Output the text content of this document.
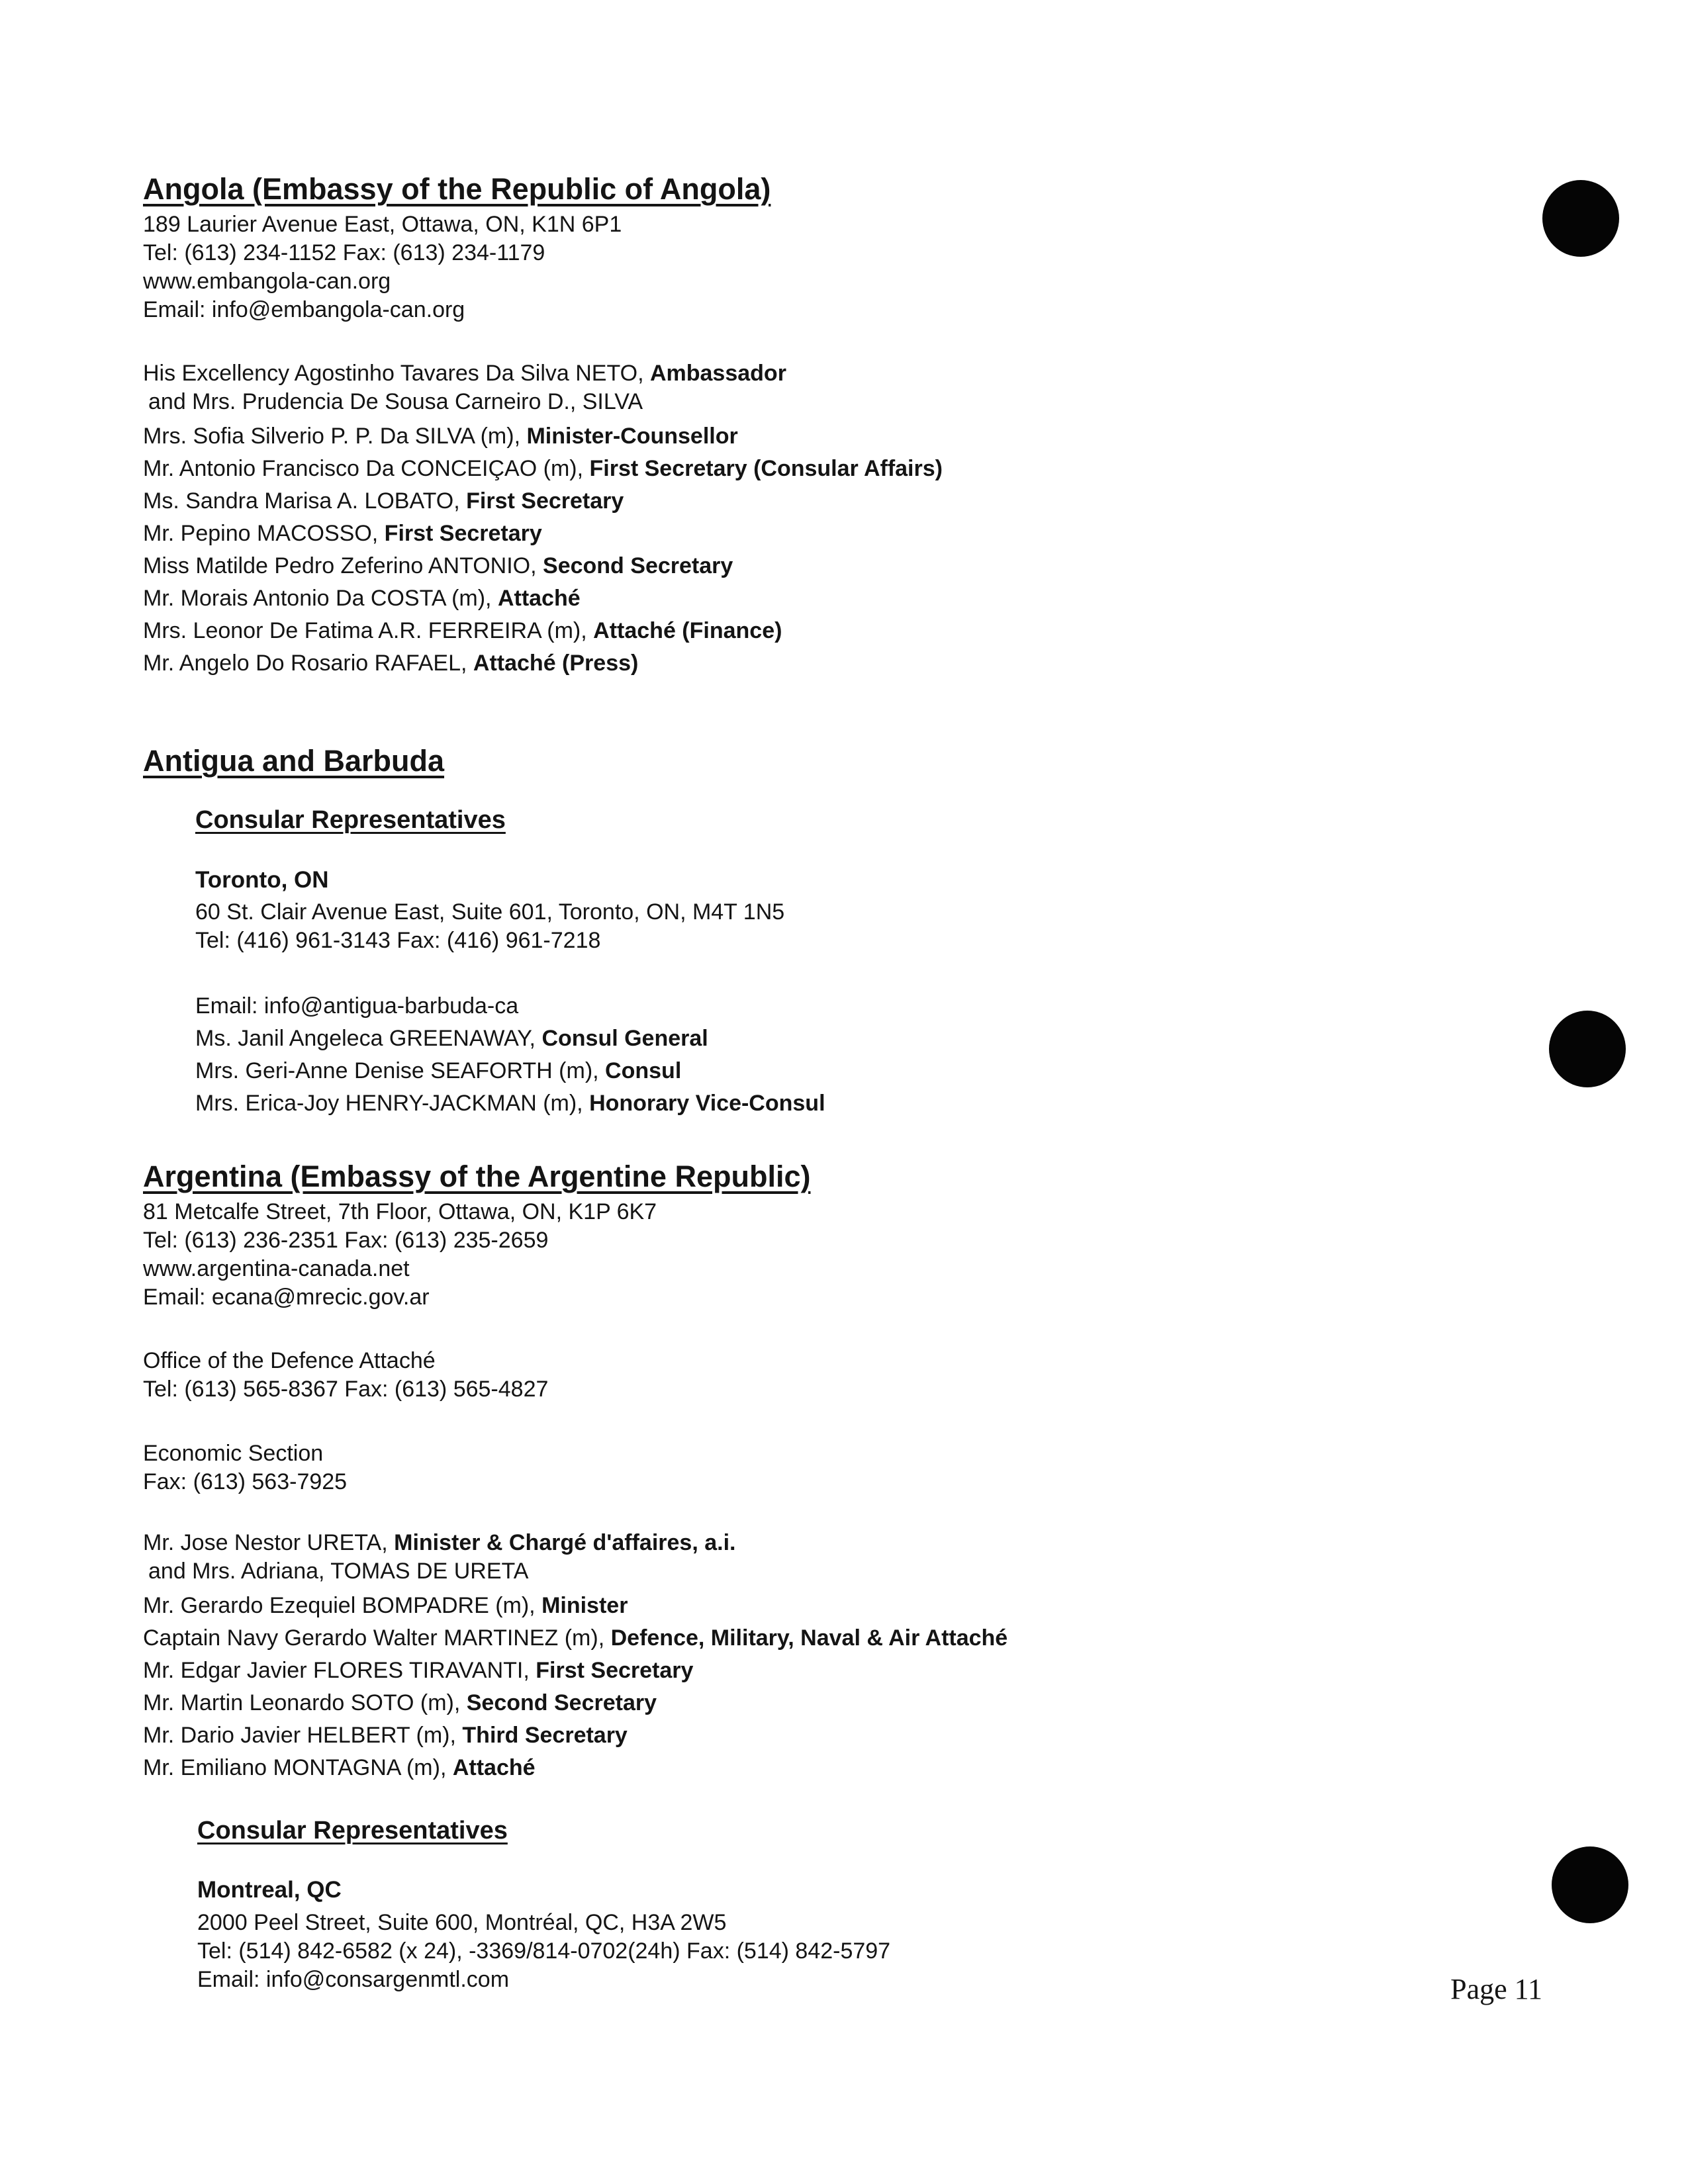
Angola (Embassy of the Republic of Angola)
189 Laurier Avenue East, Ottawa, ON, K1N 6P1
Tel: (613) 234-1152 Fax: (613) 234-1179
www.embangola-can.org
Email: info@embangola-can.org
His Excellency Agostinho Tavares Da Silva NETO, Ambassador
and Mrs. Prudencia De Sousa Carneiro D., SILVA
Mrs. Sofia Silverio P. P. Da SILVA (m), Minister-Counsellor
Mr. Antonio Francisco Da CONCEIÇAO (m), First Secretary (Consular Affairs)
Ms. Sandra Marisa A. LOBATO, First Secretary
Mr. Pepino MACOSSO, First Secretary
Miss Matilde Pedro Zeferino ANTONIO, Second Secretary
Mr. Morais Antonio Da COSTA (m), Attaché
Mrs. Leonor De Fatima A.R. FERREIRA (m), Attaché (Finance)
Mr. Angelo Do Rosario RAFAEL, Attaché (Press)
Antigua and Barbuda
Consular Representatives
Toronto, ON
60 St. Clair Avenue East, Suite 601, Toronto, ON, M4T 1N5
Tel: (416) 961-3143 Fax: (416) 961-7218
Email: info@antigua-barbuda-ca
Ms. Janil Angeleca GREENAWAY, Consul General
Mrs. Geri-Anne Denise SEAFORTH (m), Consul
Mrs. Erica-Joy HENRY-JACKMAN (m), Honorary Vice-Consul
Argentina (Embassy of the Argentine Republic)
81 Metcalfe Street, 7th Floor, Ottawa, ON, K1P 6K7
Tel: (613) 236-2351 Fax: (613) 235-2659
www.argentina-canada.net
Email: ecana@mrecic.gov.ar
Office of the Defence Attaché
Tel: (613) 565-8367 Fax: (613) 565-4827
Economic Section
Fax: (613) 563-7925
Mr. Jose Nestor URETA, Minister & Chargé d'affaires, a.i.
and Mrs. Adriana, TOMAS DE URETA
Mr. Gerardo Ezequiel BOMPADRE (m), Minister
Captain Navy Gerardo Walter MARTINEZ (m), Defence, Military, Naval & Air Attaché
Mr. Edgar Javier FLORES TIRAVANTI, First Secretary
Mr. Martin Leonardo SOTO (m), Second Secretary
Mr. Dario Javier HELBERT (m), Third Secretary
Mr. Emiliano MONTAGNA (m), Attaché
Consular Representatives
Montreal, QC
2000 Peel Street, Suite 600, Montréal, QC, H3A 2W5
Tel: (514) 842-6582 (x 24), -3369/814-0702(24h) Fax: (514) 842-5797
Email: info@consargenmtl.com	Page 11
